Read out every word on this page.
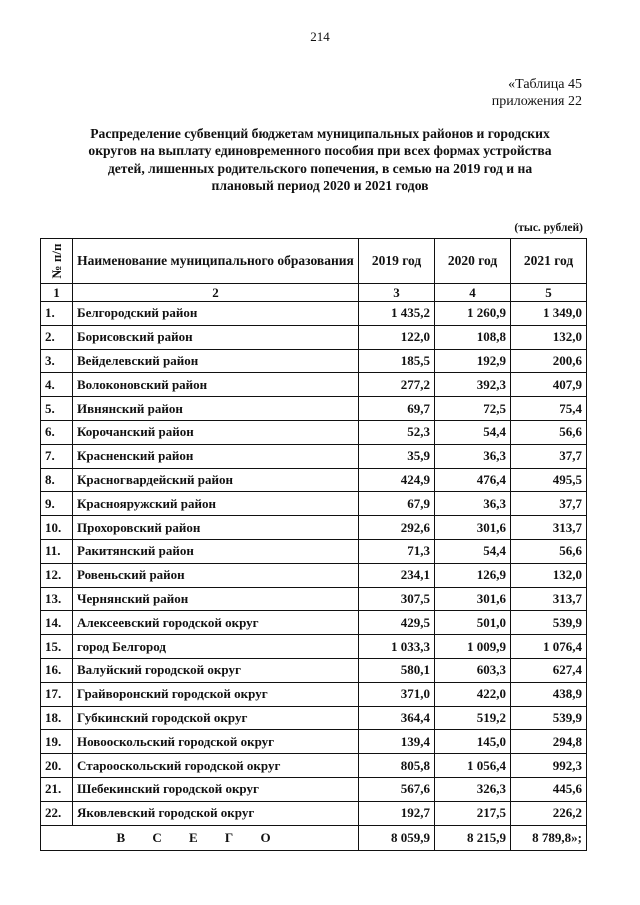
214
«Таблица 45
приложения 22
Распределение субвенций бюджетам муниципальных районов и городских
округов на выплату единовременного пособия при всех формах устройства
детей, лишенных родительского попечения, в семью на 2019 год и на
плановый период 2020 и 2021 годов
(тыс. рублей)
№ п/п	Наименование муниципального образования	2019 год	2020 год	2021 год
1	2	3	4	5
1.	Белгородский район	1 435,2	1 260,9	1 349,0
2.	Борисовский район	122,0	108,8	132,0
3.	Вейделевский район	185,5	192,9	200,6
4.	Волоконовский район	277,2	392,3	407,9
5.	Ивнянский район	69,7	72,5	75,4
6.	Корочанский район	52,3	54,4	56,6
7.	Красненский район	35,9	36,3	37,7
8.	Красногвардейский район	424,9	476,4	495,5
9.	Краснояружский район	67,9	36,3	37,7
10.	Прохоровский район	292,6	301,6	313,7
11.	Ракитянский район	71,3	54,4	56,6
12.	Ровеньский район	234,1	126,9	132,0
13.	Чернянский район	307,5	301,6	313,7
14.	Алексеевский городской округ	429,5	501,0	539,9
15.	город Белгород	1 033,3	1 009,9	1 076,4
16.	Валуйский городской округ	580,1	603,3	627,4
17.	Грайворонский городской округ	371,0	422,0	438,9
18.	Губкинский городской округ	364,4	519,2	539,9
19.	Новооскольский городской округ	139,4	145,0	294,8
20.	Старооскольский городской округ	805,8	1 056,4	992,3
21.	Шебекинский городской округ	567,6	326,3	445,6
22.	Яковлевский городской округ	192,7	217,5	226,2
В С Е Г О		8 059,9	8 215,9	8 789,8»;
